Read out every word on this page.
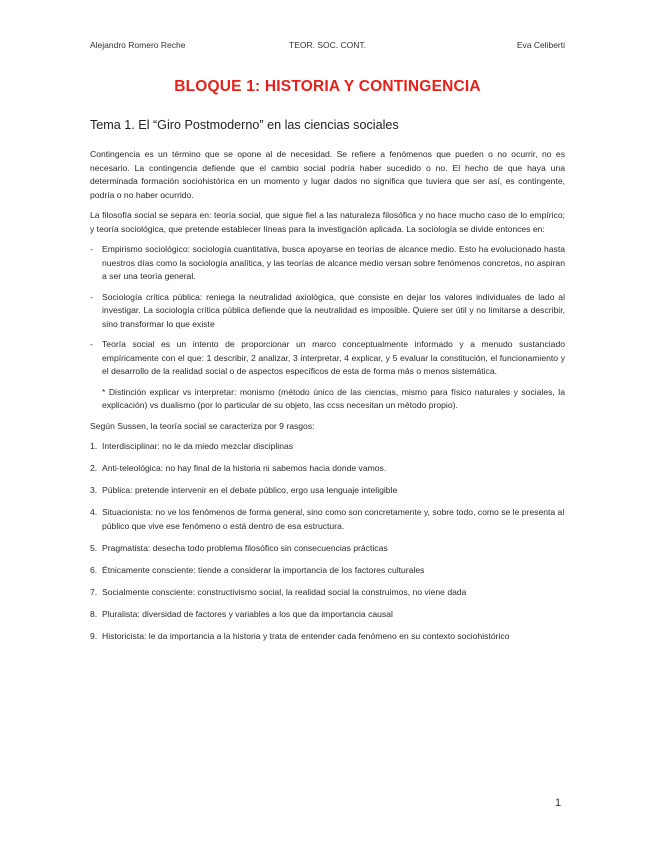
Alejandro Romero Reche	TEOR. SOC. CONT.	Eva Celiberti
BLOQUE 1: HISTORIA Y CONTINGENCIA
Tema 1. El “Giro Postmoderno” en las ciencias sociales

Contingencia es un término que se opone al de necesidad. Se refiere a fenómenos que pueden o no ocurrir, no es necesario. La contingencia defiende que el cambio social podría haber sucedido o no. El hecho de que haya una determinada formación sociohistórica en un momento y lugar dados no significa que tuviera que ser así, es contingente, podría o no haber ocurrido.

La filosofía social se separa en: teoría social, que sigue fiel a las naturaleza filosófica y no hace mucho caso de lo empírico; y teoría sociológica, que pretende establecer líneas para la investigación aplicada. La sociología se divide entonces en:

- Empirismo sociológico: sociología cuantitativa, busca apoyarse en teorías de alcance medio. Esto ha evolucionado hasta nuestros días como la sociología analítica, y las teorías de alcance medio versan sobre fenómenos concretos, no aspiran a ser una teoría general.
- Sociología crítica pública: reniega la neutralidad axiológica, que consiste en dejar los valores individuales de lado al investigar. La sociología crítica pública defiende que la neutralidad es imposible. Quiere ser útil y no limitarse a describir, sino transformar lo que existe
- Teoría social es un intento de proporcionar un marco conceptualmente informado y a menudo sustanciado empíricamente con el que: 1 describir, 2 analizar, 3 interpretar, 4 explicar, y 5 evaluar la constitución, el funcionamiento y el desarrollo de la realidad social o de aspectos específicos de esta de forma más o menos sistemática.

* Distinción explicar vs interpretar: monismo (método único de las ciencias, mismo para físico naturales y sociales, la explicación) vs dualismo (por lo particular de su objeto, las ccss necesitan un método propio).

Según Sussen, la teoría social se caracteriza por 9 rasgos:

1. Interdisciplinar: no le da miedo mezclar disciplinas
2. Anti-teleológica: no hay final de la historia ni sabemos hacia donde vamos.
3. Pública: pretende intervenir en el debate público, ergo usa lenguaje inteligible
4. Situacionista: no ve los fenómenos de forma general, sino como son concretamente y, sobre todo, como se le presenta al público que vive ese fenómeno o está dentro de esa estructura.
5. Pragmatista: desecha todo problema filosófico sin consecuencias prácticas
6. Étnicamente consciente: tiende a considerar la importancia de los factores culturales
7. Socialmente consciente: constructivismo social, la realidad social la construimos, no viene dada
8. Pluralista: diversidad de factores y variables a los que da importancia causal
9. Historicista: le da importancia a la historia y trata de entender cada fenómeno en su contexto sociohistórico
1
